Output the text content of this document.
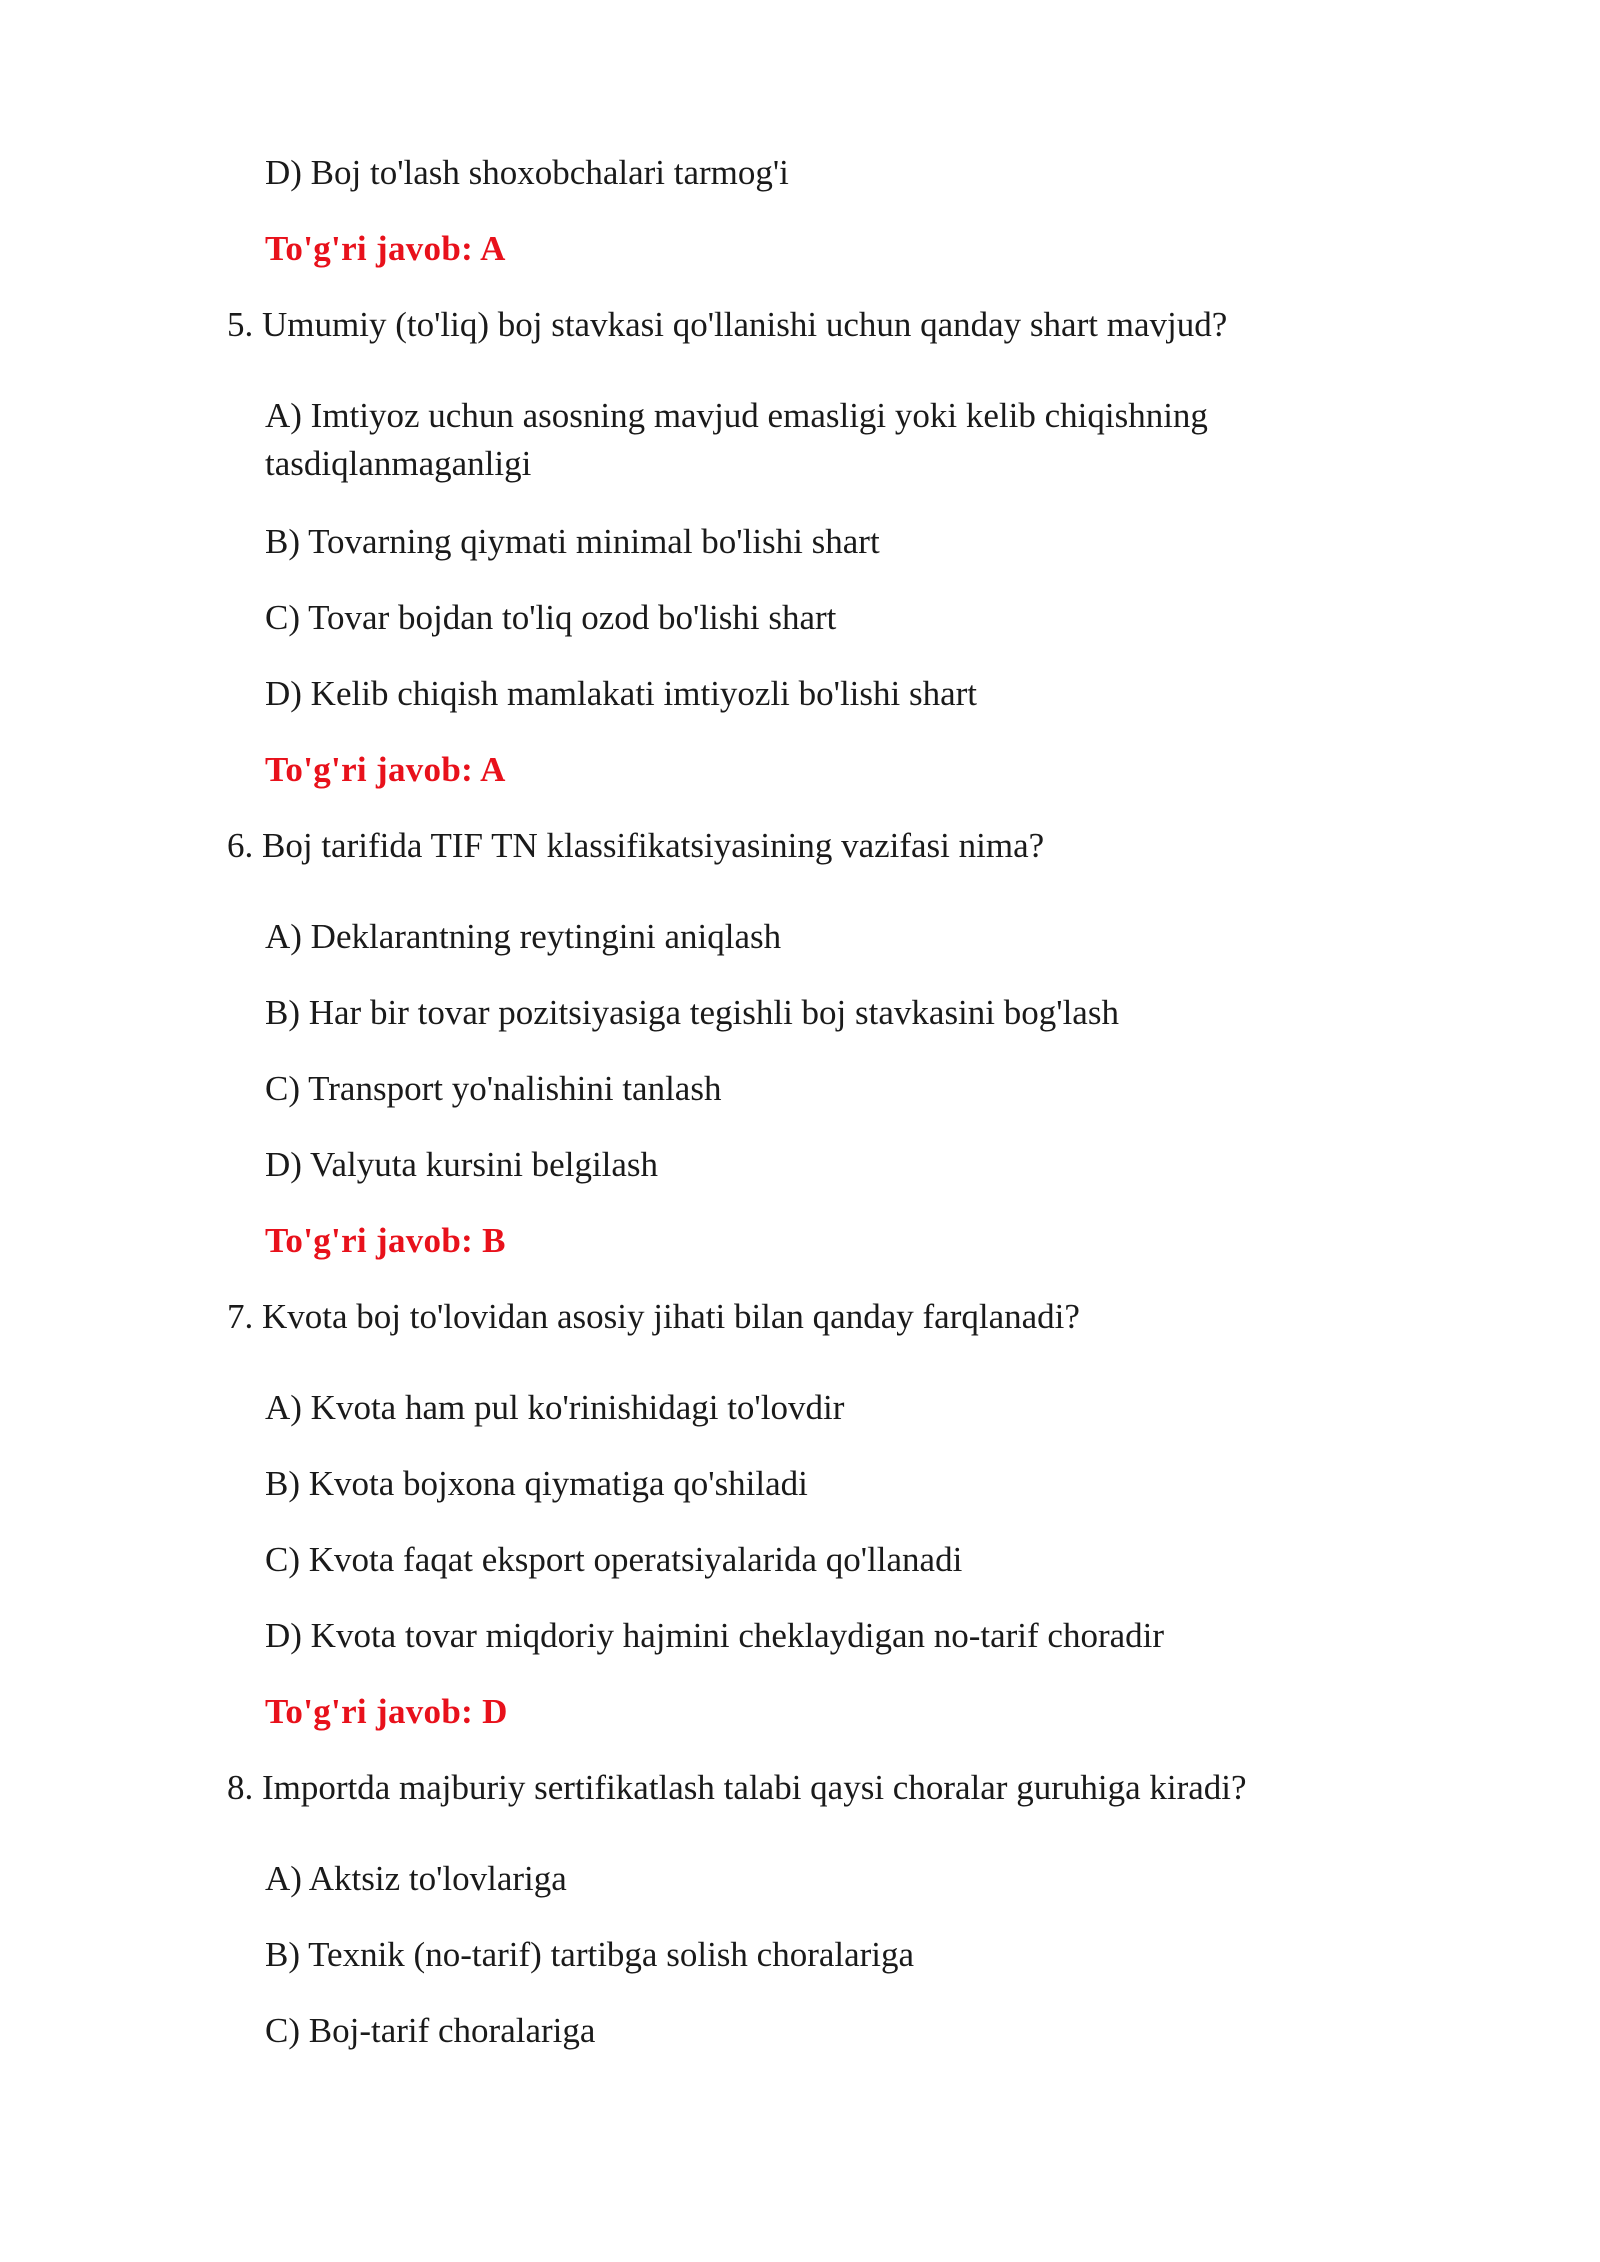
D) Boj to'lash shoxobchalari tarmog'i

To'g'ri javob: A

5. Umumiy (to'liq) boj stavkasi qo'llanishi uchun qanday shart mavjud?

A) Imtiyoz uchun asosning mavjud emasligi yoki kelib chiqishning tasdiqlanmaganligi

B) Tovarning qiymati minimal bo'lishi shart

C) Tovar bojdan to'liq ozod bo'lishi shart

D) Kelib chiqish mamlakati imtiyozli bo'lishi shart

To'g'ri javob: A

6. Boj tarifida TIF TN klassifikatsiyasining vazifasi nima?

A) Deklarantning reytingini aniqlash

B) Har bir tovar pozitsiyasiga tegishli boj stavkasini bog'lash

C) Transport yo'nalishini tanlash

D) Valyuta kursini belgilash

To'g'ri javob: B

7. Kvota boj to'lovidan asosiy jihati bilan qanday farqlanadi?

A) Kvota ham pul ko'rinishidagi to'lovdir

B) Kvota bojxona qiymatiga qo'shiladi

C) Kvota faqat eksport operatsiyalarida qo'llanadi

D) Kvota tovar miqdoriy hajmini cheklaydigan no-tarif choradir

To'g'ri javob: D

8. Importda majburiy sertifikatlash talabi qaysi choralar guruhiga kiradi?

A) Aktsiz to'lovlariga

B) Texnik (no-tarif) tartibga solish choralariga

C) Boj-tarif choralariga
